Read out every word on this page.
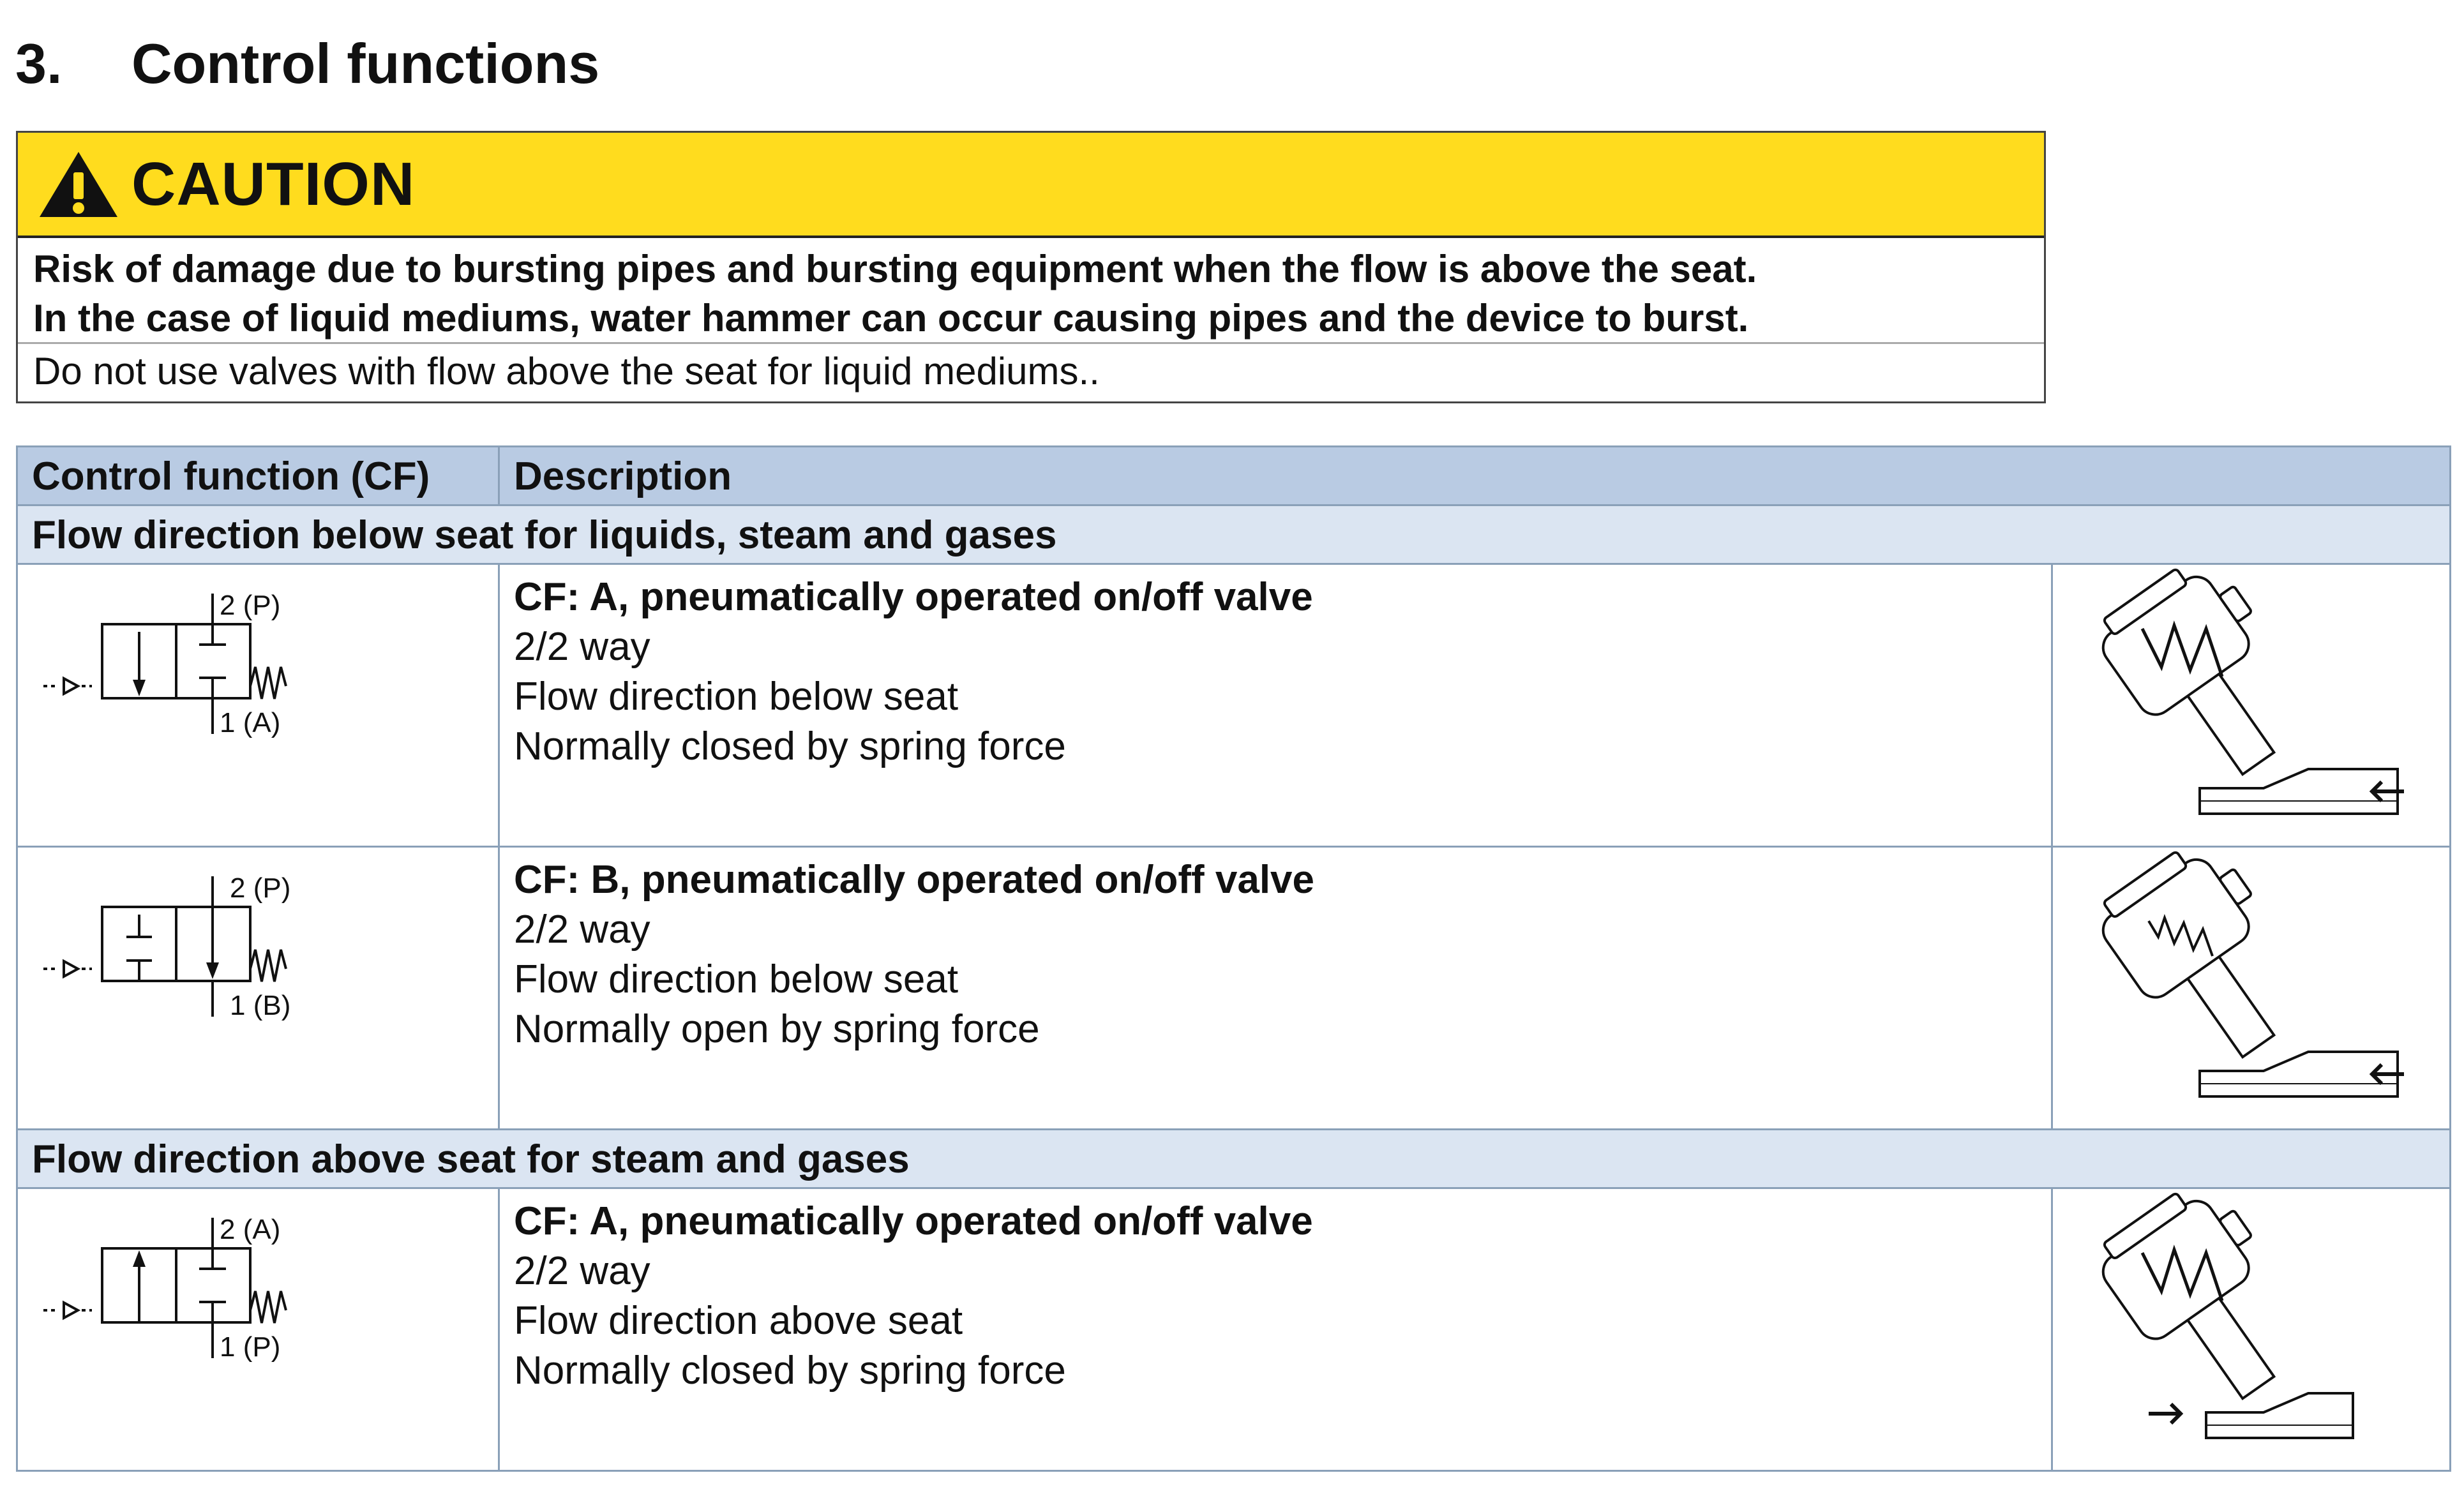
3.	Control functions
CAUTION
Risk of damage due to bursting pipes and bursting equipment when the flow is above the seat.
In the case of liquid mediums, water hammer can occur causing pipes and the device to burst.
Do not use valves with flow above the seat for liquid mediums..
Control function (CF)	Description
Flow direction below seat for liquids, steam and gases
2 (P)
1 (A)
CF: A, pneumatically operated on/off valve
2/2 way
Flow direction below seat
Normally closed by spring force
2 (P)
1 (B)
CF: B, pneumatically operated on/off valve
2/2 way
Flow direction below seat
Normally open by spring force
Flow direction above seat for steam and gases
2 (A)
1 (P)
CF: A, pneumatically operated on/off valve
2/2 way
Flow direction above seat
Normally closed by spring force
